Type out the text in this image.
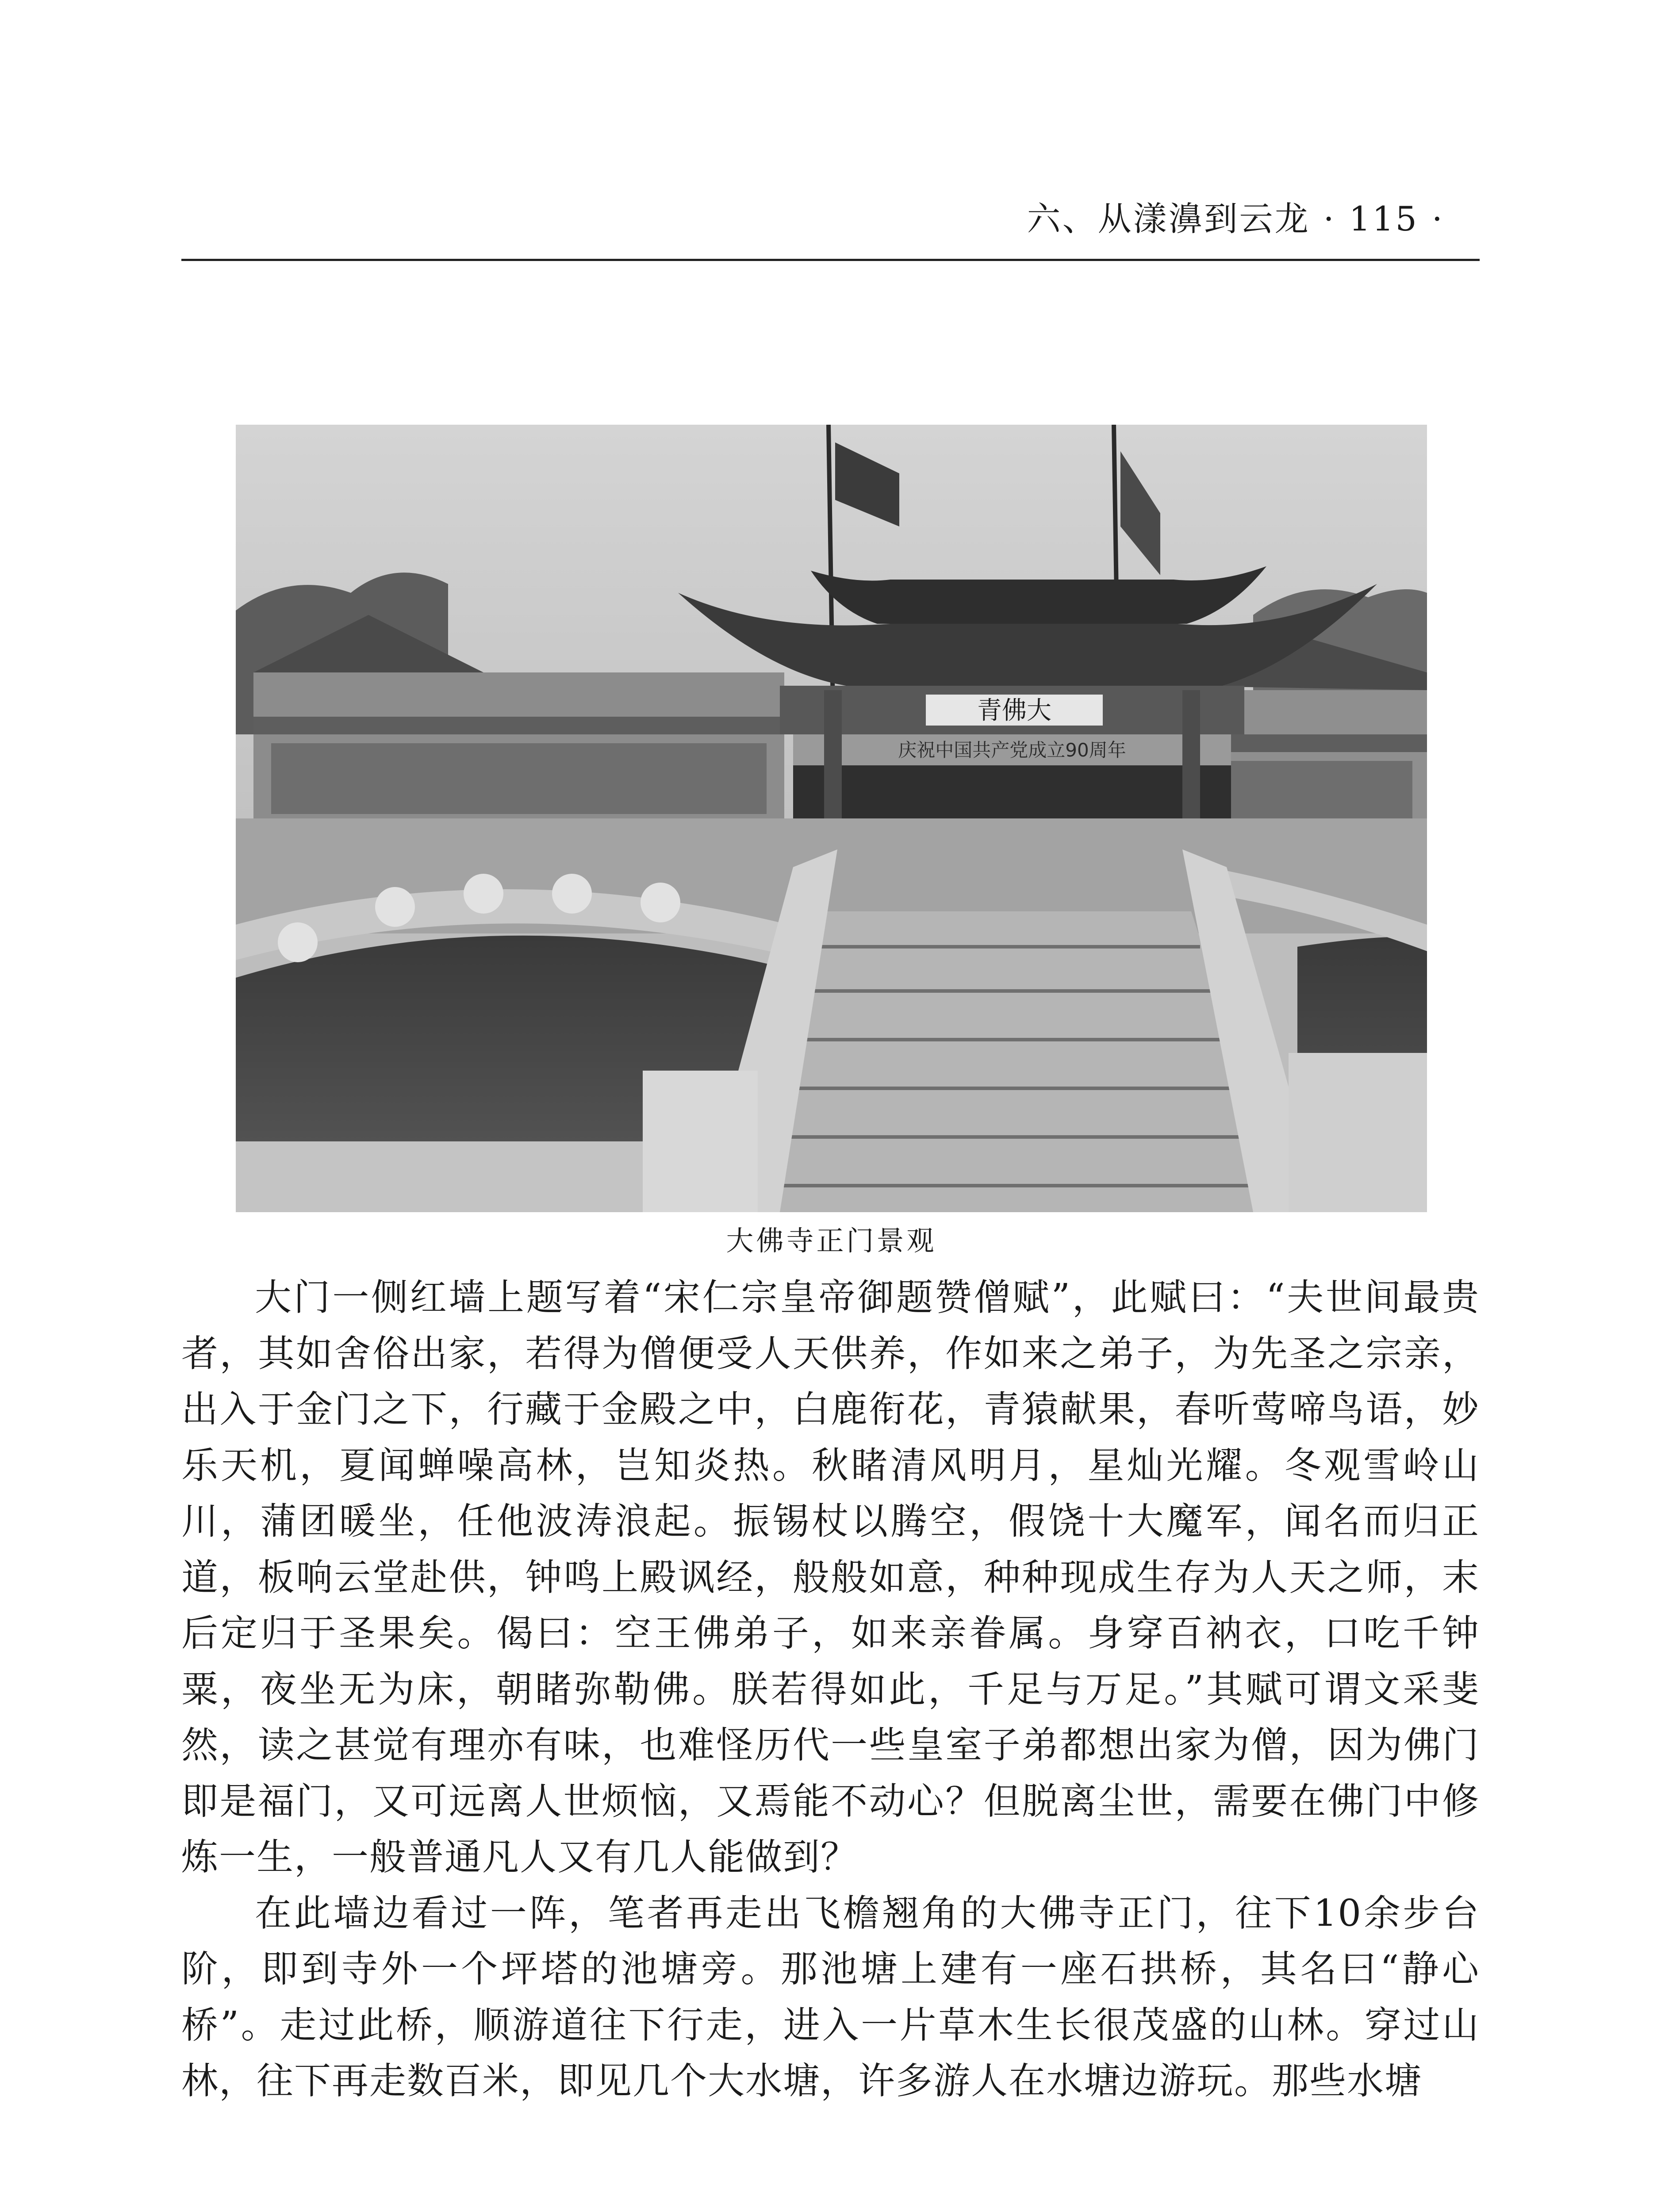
六、从漾濞到云龙 · 115 ·
青佛大
庆祝中国共产党成立90周年
大佛寺正门景观

大门一侧红墙上题写着“宋仁宗皇帝御题赞僧赋”，此赋曰：“夫世间最贵者，其如舍俗出家，若得为僧便受人天供养，作如来之弟子，为先圣之宗亲，出入于金门之下，行藏于金殿之中，白鹿衔花，青猿献果，春听莺啼鸟语，妙乐天机，夏闻蝉噪高林，岂知炎热。秋睹清风明月，星灿光耀。冬观雪岭山川，蒲团暖坐，任他波涛浪起。振锡杖以腾空，假饶十大魔军，闻名而归正道，板响云堂赴供，钟鸣上殿讽经，般般如意，种种现成生存为人天之师，末后定归于圣果矣。偈曰：空王佛弟子，如来亲眷属。身穿百衲衣，口吃千钟粟，夜坐无为床，朝睹弥勒佛。朕若得如此，千足与万足。”其赋可谓文采斐然，读之甚觉有理亦有味，也难怪历代一些皇室子弟都想出家为僧，因为佛门即是福门，又可远离人世烦恼，又焉能不动心？但脱离尘世，需要在佛门中修炼一生，一般普通凡人又有几人能做到？

在此墙边看过一阵，笔者再走出飞檐翘角的大佛寺正门，往下10余步台阶，即到寺外一个坪塔的池塘旁。那池塘上建有一座石拱桥，其名曰“静心桥”。走过此桥，顺游道往下行走，进入一片草木生长很茂盛的山林。穿过山林，往下再走数百米，即见几个大水塘，许多游人在水塘边游玩。那些水塘
